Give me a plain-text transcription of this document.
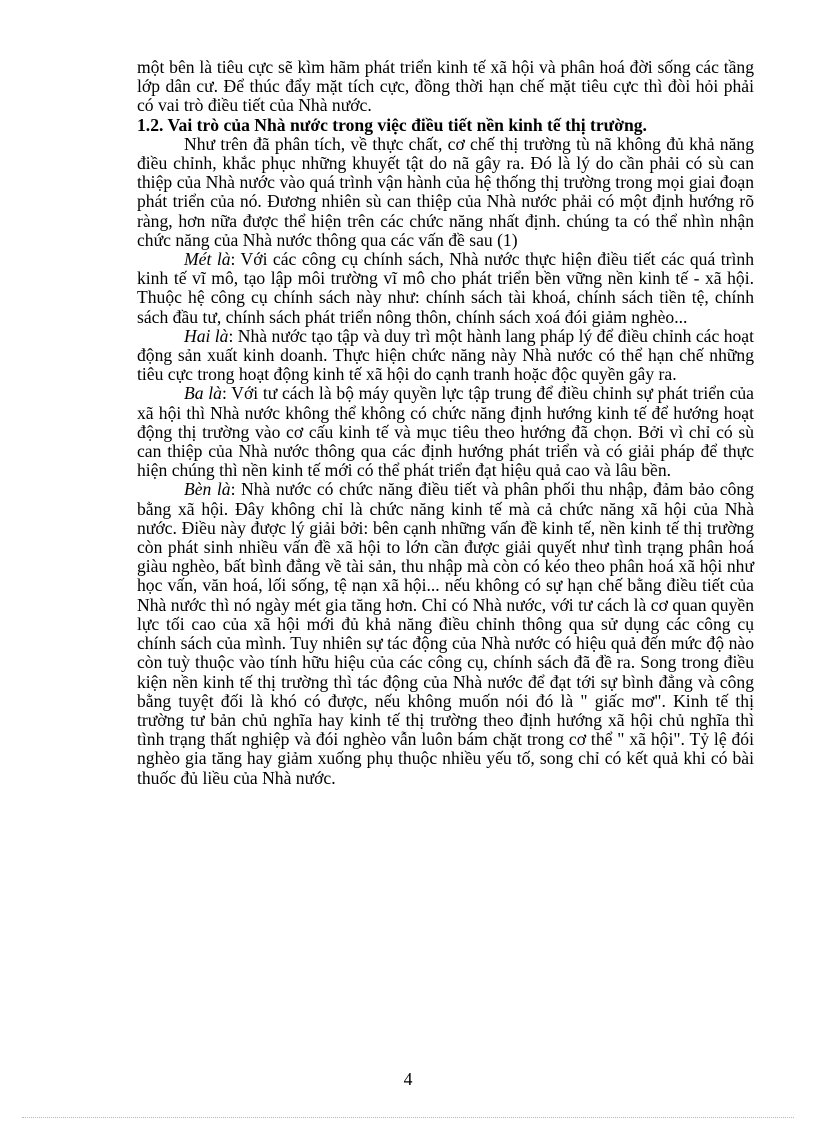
một bên là tiêu cực sẽ kìm hãm phát triển kinh tế xã hội và phân hoá đời sống các tầng lớp dân cư. Để thúc đẩy mặt tích cực, đồng thời hạn chế mặt tiêu cực thì đòi hỏi phải có vai trò điều tiết của Nhà nước.

1.2. Vai trò của Nhà nước trong việc điều tiết nền kinh tế thị trường.

Như trên đã phân tích, về thực chất, cơ chế thị trường tù nã không đủ khả năng điều chỉnh, khắc phục những khuyết tật do nã gây ra. Đó là lý do cần phải có sù can thiệp của Nhà nước vào quá trình vận hành của hệ thống thị trường trong mọi giai đoạn phát triển của nó. Đương nhiên sù can thiệp của Nhà nước phải có một định hướng rõ ràng, hơn nữa được thể hiện trên các chức năng nhất định. chúng ta có thể nhìn nhận chức năng của Nhà nước thông qua các vấn đề sau (1)

Mét là: Với các công cụ chính sách, Nhà nước thực hiện điều tiết các quá trình kinh tế vĩ mô, tạo lập môi trường vĩ mô cho phát triển bền vững nền kinh tế - xã hội. Thuộc hệ công cụ chính sách này như: chính sách tài khoá, chính sách tiền tệ, chính sách đầu tư, chính sách phát triển nông thôn, chính sách xoá đói giảm nghèo...

Hai là: Nhà nước tạo tập và duy trì một hành lang pháp lý để điều chỉnh các hoạt động sản xuất kinh doanh. Thực hiện chức năng này Nhà nước có thể hạn chế những tiêu cực trong hoạt động kinh tế xã hội do cạnh tranh hoặc độc quyền gây ra.

Ba là: Với tư cách là bộ máy quyền lực tập trung để điều chỉnh sự phát triển của xã hội thì Nhà nước không thể không có chức năng định hướng kinh tế để hướng hoạt động thị trường vào cơ cấu kinh tế và mục tiêu theo hướng đã chọn. Bởi vì chỉ có sù can thiệp của Nhà nước thông qua các định hướng phát triển và có giải pháp để thực hiện chúng thì nền kinh tế mới có thể phát triển đạt hiệu quả cao và lâu bền.

Bèn là: Nhà nước có chức năng điều tiết và phân phối thu nhập, đảm bảo công bằng xã hội. Đây không chỉ là chức năng kinh tế mà cả chức năng xã hội của Nhà nước. Điều này được lý giải bởi: bên cạnh những vấn đề kinh tế, nền kinh tế thị trường còn phát sinh nhiều vấn đề xã hội to lớn cần được giải quyết như tình trạng phân hoá giàu nghèo, bất bình đẳng về tài sản, thu nhập mà còn có kéo theo phân hoá xã hội như học vấn, văn hoá, lối sống, tệ nạn xã hội... nếu không có sự hạn chế bằng điều tiết của Nhà nước thì nó ngày mét gia tăng hơn. Chỉ có Nhà nước, với tư cách là cơ quan quyền lực tối cao của xã hội mới đủ khả năng điều chỉnh thông qua sử dụng các công cụ chính sách của mình. Tuy nhiên sự tác động của Nhà nước có hiệu quả đến mức độ nào còn tuỳ thuộc vào tính hữu hiệu của các công cụ, chính sách đã đề ra. Song trong điều kiện nền kinh tế thị trường thì tác động của Nhà nước để đạt tới sự bình đẳng và công bằng tuyệt đối là khó có được, nếu không muốn nói đó là " giấc mơ". Kinh tế thị trường tư bản chủ nghĩa hay kinh tế thị trường theo định hướng xã hội chủ nghĩa thì tình trạng thất nghiệp và đói nghèo vẫn luôn bám chặt trong cơ thể " xã hội". Tỷ lệ đói nghèo gia tăng hay giảm xuống phụ thuộc nhiều yếu tố, song chỉ có kết quả khi có bài thuốc đủ liều của Nhà nước.

4
